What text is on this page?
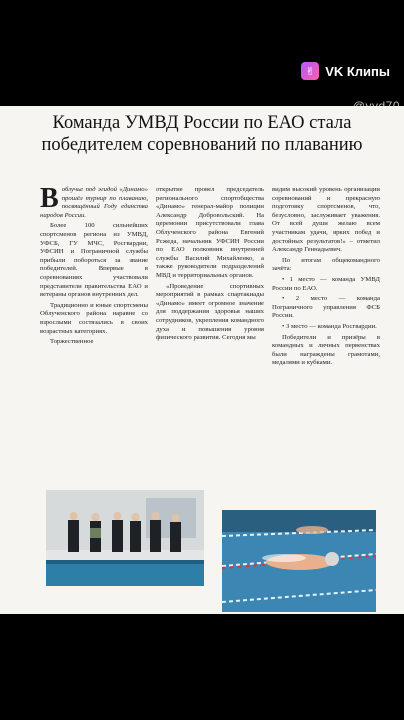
✌ VK Клипы
Команда УМВД России по ЕАО стала победителем соревнований по плаванию

Воблучье под эгидой «Динамо» прошёл турнир по плаванию, посвящённый Году единства народов России.

Более 100 сильнейших спортсменов региона из УМВД, УФСБ, ГУ МЧС, Росгвардии, УФСИН и Пограничной службы прибыли побороться за звание победителей. Впервые в соревнованиях участвовали представители правительства ЕАО и ветераны органов внутренних дел.

Традиционно и юные спортсмены Облученского района наравне со взрослыми состязались в своих возрастных категориях.

Торжественное

открытие провел председатель регионального спортобщества «Динамо» генерал-майор полиции Александр Добровольский. На церемонии присутствовали глава Облученского района Евгений Рсжеда, начальник УФСИН России по ЕАО полковник внутренней службы Василий Михайленко, а также руководители подразделений МВД и территориальных органов.

«Проведение спортивных мероприятий в рамках спартакиады «Динамо» имеет огромное значение для поддержания здоровья наших сотрудников, укрепления командного духа и повышения уровня физического развития. Сегодня мы

видим высокий уровень организации соревнований и прекрасную подготовку спортсменов, что, безусловно, заслуживает уважения. От всей души желаю всем участникам удачи, ярких побед и достойных результатов!» – отметил Александр Геннадьевич.

По итогам общекомандного зачёта:

• 1 место — команда УМВД России по ЕАО.

• 2 место — команда Пограничного управления ФСБ России.

• 3 место — команда Росгвардии.

Победители и призёры в командных и личных первенствах были награждены грамотами, медалями и кубками.
